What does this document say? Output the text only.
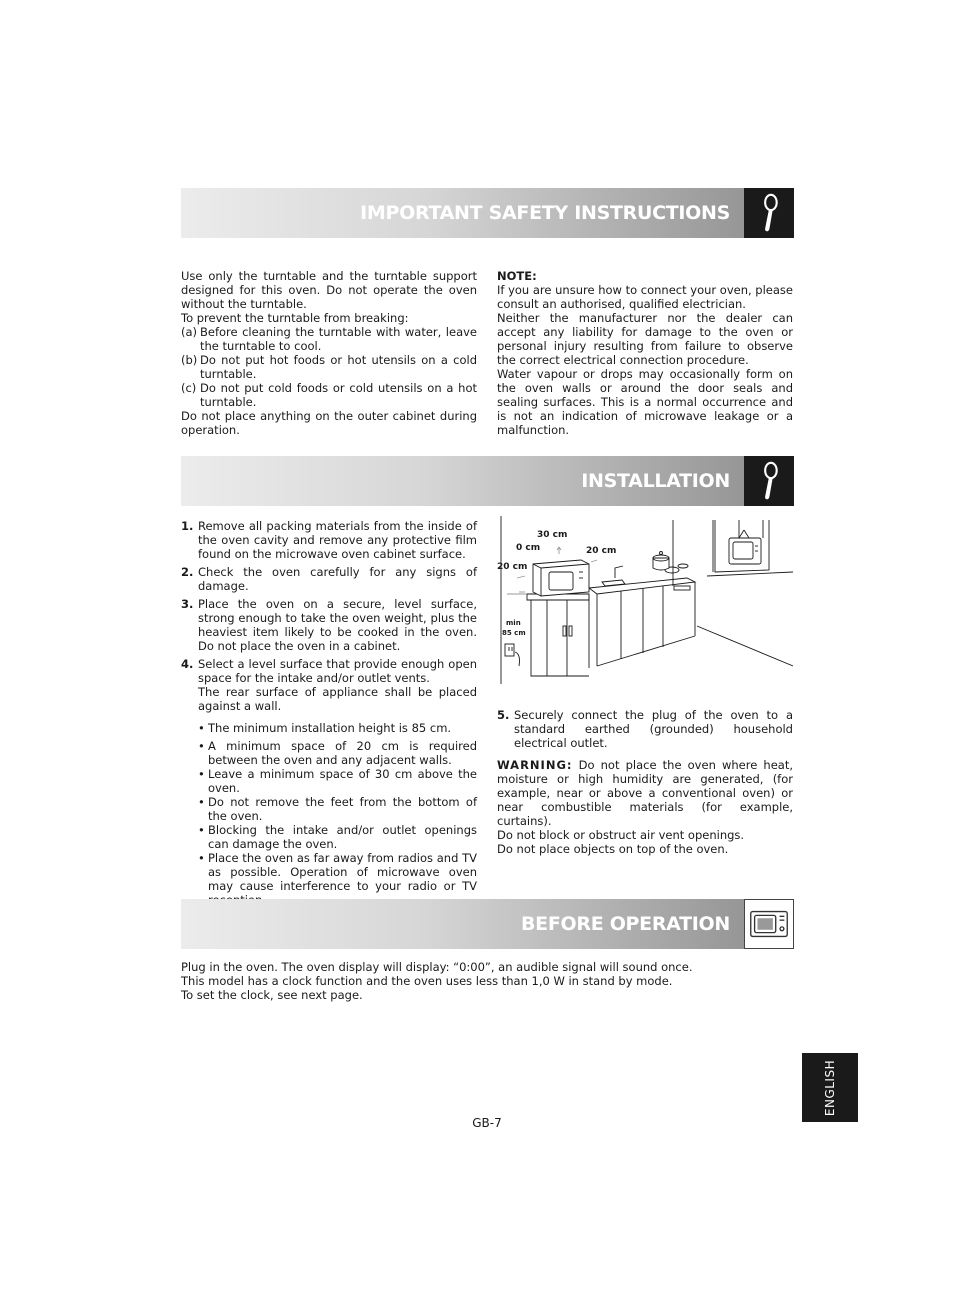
IMPORTANT SAFETY INSTRUCTIONS

Use only the turntable and the turntable support designed for this oven. Do not operate the oven without the turntable.

To prevent the turntable from breaking:

(a) Before cleaning the turntable with water, leave the turntable to cool.
(b) Do not put hot foods or hot utensils on a cold turntable.
(c) Do not put cold foods or cold utensils on a hot turntable.

Do not place anything on the outer cabinet during operation.

NOTE:

If you are unsure how to connect your oven, please consult an authorised, qualified electrician.

Neither the manufacturer nor the dealer can accept any liability for damage to the oven or personal injury resulting from failure to observe the correct electrical connection procedure.

Water vapour or drops may occasionally form on the oven walls or around the door seals and sealing surfaces. This is a normal occurrence and is not an indication of microwave leakage or a malfunction.

INSTALLATION
1. Remove all packing materials from the inside of the oven cavity and remove any protective film found on the microwave oven cabinet surface.
2. Check the oven carefully for any signs of damage.
3. Place the oven on a secure, level surface, strong enough to take the oven weight, plus the heaviest item likely to be cooked in the oven. Do not place the oven in a cabinet.
4. Select a level surface that provide enough open space for the intake and/or outlet vents.

The rear surface of appliance shall be placed against a wall.

• The minimum installation height is 85 cm.
• A minimum space of 20 cm is required between the oven and any adjacent walls.
• Leave a minimum space of 30 cm above the oven.
• Do not remove the feet from the bottom of the oven.
• Blocking the intake and/or outlet openings can damage the oven.
• Place the oven as far away from radios and TV as possible. Operation of microwave oven may cause interference to your radio or TV
30 cm
0 cm	20 cm
20 cm
min
85 cm
5. Securely connect the plug of the oven to a standard earthed (grounded) household electrical outlet.

WARNING: Do not place the oven where heat, moisture or high humidity are generated, (for example, near or above a conventional oven) or near combustible materials (for example, curtains).

Do not block or obstruct air vent openings.

Do not place objects on top of the oven.

BEFORE OPERATION

Plug in the oven. The oven display will display: “0:00”, an audible signal will sound once.

This model has a clock function and the oven uses less than 1,0 W in stand by mode.

To set the clock, see next page.

GB-7
ENGLISH
